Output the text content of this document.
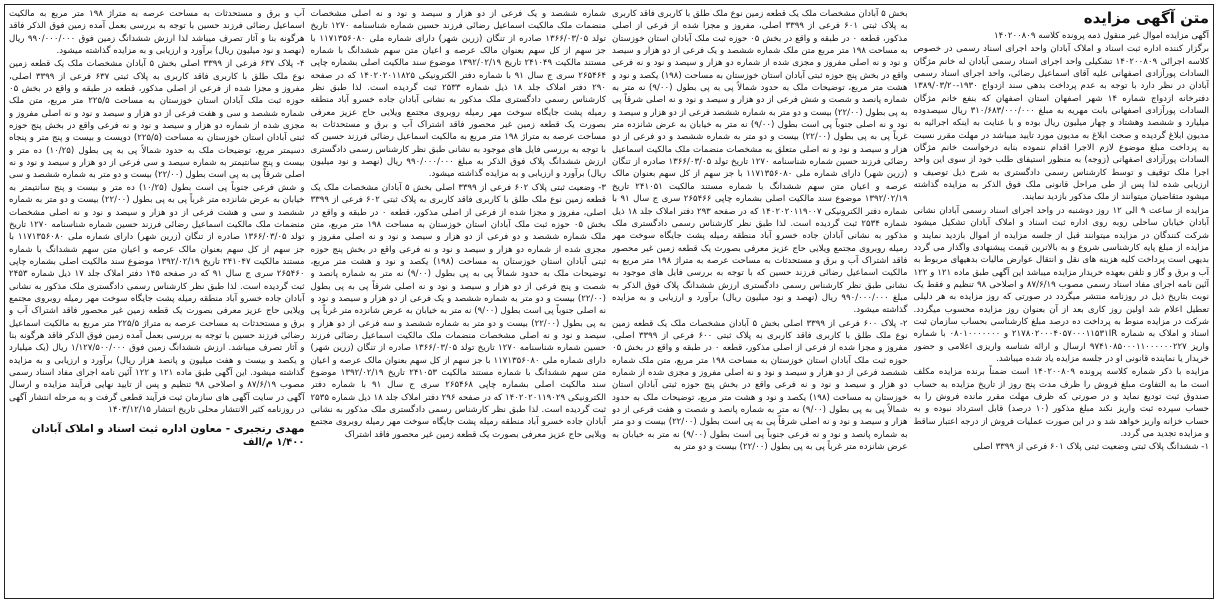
متن آگهی مزایده

آگهی مزایده اموال غیر منقول ذمه پرونده کلاسه ۱۴۰۲۰۰۸۰۹

برگزار کننده اداره ثبت اسناد و املاک آبادان واحد اجرای اسناد رسمی در خصوص کلاسه اجرائی ۱۴۰۲۰۰۸۰۹ تشکیلی واحد اجرای اسناد رسمی آبادان له خانم مژگان السادات پورآزادی اصفهانی علیه آقای اسماعیل رضائی، واحد اجرای اسناد رسمی آبادان در نظر دارد با توجه به عدم پرداخت بدهی سند ازدواج ۱۹۳۰-۱۳۸۹/۰۳/۲۰ دفترخانه ازدواج شماره ۱۴ شهر اصفهان استان اصفهان که بنفع خانم مژگان السادات پورآزادی اصفهانی بابت مهریه به مبلغ ۳۱۰/۶۸۳/۰۰۰/۰۰۰ ریال سیصدوده میلیارد و ششصد وهشتاد و چهار میلیون ریال بوده و با عنایت به اینکه اجرائیه به مدیون ابلاغ گردیده و صحت ابلاغ به مدیون مورد تایید میباشد در مهلت مقرر نسبت به پرداخت مبلغ موضوع لازم الاجرا اقدام ننموده بنابه درخواست خانم مژگان السادات پورآزادی اصفهانی (زوجه) به منظور استیفای طلب خود از سوی این واحد اجرا ملک توقیف و توسط کارشناس رسمی دادگستری به شرح ذیل توصیف و ارزیابی شده لذا پس از طی مراحل قانونی ملک فوق الذکر به مزایده گذاشته میشود متقاضیان میتوانند از ملک مذکور بازدید نمایند.

مزایده از ساعت ۹ الی ۱۲ روز دوشنبه در واحد اجرای اسناد رسمی آبادان نشانی آبادان خیابان ساحلی روبه روی اداره ثبت اسناد و املاک آبادان تشکیل میشود شرکت کنندگان در مزایده میتوانند قبل از جلسه مزایده از اموال بازدید نمایند و مزایده از مبلغ پایه کارشناسی شروع و به بالاترین قیمت پیشنهادی واگذار می گردد بدیهی است پرداخت کلیه هزینه های نقل و انتقال عوارض مالیات بدهیهای مربوط به آب و برق و گاز و تلفن بعهده خریدار مزایده میباشد این آگهی طبق ماده ۱۲۱ و ۱۲۲ آئین نامه اجرای مفاد اسناد رسمی مصوب ۸۷/۶/۱۹ و اصلاحی ۹۸ تنظیم و فقط یک نوبت بتاریخ ذیل در روزنامه منتشر میگردد در صورتی که روز مزایده به هر دلیلی تعطیل اعلام شد اولین روز کاری بعد از آن بعنوان روز مزایده محسوب میگردد. شرکت در مزایده منوط به پرداخت ده درصد مبلغ کارشناسی بحساب سازمان ثبت اسناد و املاک به شماره ۲۱۷۸۰۲۰۰۰۴۰۵۷۰۰۰۱۱۵۳۱IR و ۰۸۰۱۰۰۰۰۰۰۰ با شماره واریز ۹۷۴۱۰۸۵۰۰۰۱۱۰۰۰۰۰۰۲۲۷ ارسال و ارائه شناسه واریزی اعلامی و حضور خریدار یا نماینده قانونی او در جلسه مزایده یاد شده میباشد.

مزایده با ذکر شماره کلاسه پرونده ۱۴۰۲۰۰۸۰۹ است ضمناً برنده مزایده مکلف است ما به التفاوت مبلغ فروش را ظرف مدت پنج روز از تاریخ مزایده به حساب صندوق ثبت تودیع نماید و در صورتی که ظرف مهلت مقرر مانده فروش را به حساب سپرده ثبت واریز نکند مبلغ مذکور (۱۰ درصد) قابل استرداد نبوده و به حساب خزانه واریز خواهد شد و در این صورت عملیات فروش از درجه اعتبار ساقط و مزایده تجدید می گردد.

۱- ششدانگ پلاک ثبتی وضعیت ثبتی پلاک ۶۰۱ فرعی از ۳۳۹۹ اصلی

بخش ۵ آبادان مشخصات ملک یک قطعه زمین نوع ملک طلق با کاربری فاقد کاربری به پلاک ثبتی ۶۰۱ فرعی از ۳۳۹۹ اصلی، مفروز و مجزا شده از فرعی از اصلی مذکور، قطعه ۰ در طبقه و واقع در بخش ۰۵ حوزه ثبت ملک آبادان استان خوزستان به مساحت ۱۹۸ متر مربع متن ملک شماره ششصد و یک فرعی از دو هزار و سیصد و نود و نه اصلی مفروز و مجزی شده از شماره دو هزار و سیصد و نود و نه فرعی واقع در بخش پنج حوزه ثبتی آبادان استان خوزستان به مساحت (۱۹۸) یکصد و نود و هشت متر مربع، توضیحات ملک به حدود شمالاً پی به پی بطول (۹/۰۰) نه متر به شماره پانصد و شصت و شش فرعی از دو هزار و سیصد و نود و نه اصلی شرقاً پی به پی بطول (۲۲/۰۰) بیست و دو متر به شماره ششصد فرعی از دو هزار و سیصد و نود و نه اصلی جنوباً پی است بطول (۹/۰۰) نه متر به خیابان به عرض شانزده متر غرباً پی به پی بطول (۲۲/۰۰) بیست و دو متر به شماره ششصد و دو فرعی از دو هزار و سیصد و نود و نه اصلی متعلق به مشخصات منضمات ملک مالکیت اسماعیل رضائی فرزند حسین شماره شناسنامه ۱۲۷۰ تاریخ تولد ۱۳۶۶/۰۳/۰۵ صادره از تنگان (زرین شهر) دارای شماره ملی ۱۱۷۱۳۵۶۰۸۰ با جز سهم از کل سهم بعنوان مالک عرصه و اعیان متن سهم ششدانگ با شماره مستند مالکیت ۲۴۱۰۵۱ تاریخ ۱۳۹۲/۰۲/۱۹ موضوع سند مالکیت اصلی بشماره چاپی ۲۶۵۴۶۶ سری ج سال ۹۱ با شماره دفتر الکترونیکی ۱۴۰۲۰۲۰۱۱۹۰۰۷ که در صفحه ۲۹۳ دفتر املاک جلد ۱۸ ذیل شماره ۲۵۳۴ ثبت گردیده است. لذا طبق نظر کارشناس رسمی دادگستری ملک مذکور به نشانی آبادان جاده خسرو آباد منطقه رمیله پشت جایگاه سوخت مهر رمیله روبروی مجتمع ویلایی حاج عزیز معرفی بصورت یک قطعه زمین غیر محصور فاقد اشتراک آب و برق و مستحدثات به مساحت عرصه به متراژ ۱۹۸ متر مربع به مالکیت اسماعیل رضائی فرزند حسین که با توجه به بررسی فایل های موجود به نشانی طبق نظر کارشناس رسمی دادگستری ارزش ششدانگ پلاک فوق الذکر به مبلغ ۹۹۰/۰۰۰/۰۰۰ ریال (نهصد و نود میلیون ریال) برآورد و ارزیابی و به مزایده گذاشته میشود.

۲- پلاک ۶۰۰ فرعی از ۳۳۹۹ اصلی بخش ۵ آبادان مشخصات ملک یک قطعه زمین نوع ملک طلق با کاربری فاقد کاربری به پلاک ثبتی ۶۰۰ فرعی از ۳۳۹۹ اصلی، مفروز و مجزا شده از فرعی از اصلی مذکور، قطعه ۰ در طبقه و واقع در بخش ۰۵ حوزه ثبت ملک آبادان استان خوزستان به مساحت ۱۹۸ متر مربع، متن ملک شماره ششصد فرعی از دو هزار و سیصد و نود و نه اصلی مفروز و مجزی شده از شماره دو هزار و سیصد و نود و نه فرعی واقع در بخش پنج حوزه ثبتی آبادان استان خوزستان به مساحت (۱۹۸) یکصد و نود و هشت متر مربع، توضیحات ملک به حدود شمالاً پی به پی بطول (۹/۰۰) نه متر به شماره پانصد و شصت و هفت فرعی از دو هزار و سیصد و نود و نه اصلی شرقاً پی به پی است بطول (۲۲/۰۰) بیست و دو متر به شماره پانصد و نود و نه فرعی جنوباً پی است بطول (۹/۰۰) نه متر به خیابان به عرض شانزده متر غرباً پی به پی بطول (۲۲/۰۰) بیست و دو متر به

شماره ششصد و یک فرعی از دو هزار و سیصد و نود و نه اصلی مشخصات منضمات ملک مالکیت اسماعیل رضائی فرزند حسین شماره شناسنامه ۱۲۷۰ تاریخ تولد ۱۳۶۶/۰۳/۰۵ صادره از تنگان (زرین شهر) دارای شماره ملی ۱۱۷۱۳۵۶۰۸۰ با جز سهم از کل سهم بعنوان مالک عرصه و اعیان متن سهم ششدانگ با شماره مستند مالکیت ۲۴۱۰۴۹ تاریخ ۱۳۹۲/۰۲/۱۹ موضوع سند مالکیت اصلی بشماره چاپی ۲۶۵۴۶۴ سری ج سال ۹۱ با شماره دفتر الکترونیکی ۱۴۰۲۰۲۰۱۱۸۲۵ که در صفحه ۲۹۰ دفتر املاک جلد ۱۸ ذیل شماره ۲۵۳۳ ثبت گردیده است. لذا طبق نظر کارشناس رسمی دادگستری ملک مذکور به نشانی آبادان جاده خسرو آباد منطقه رمیله پشت جایگاه سوخت مهر رمیله روبروی مجتمع ویلایی حاج عزیز معرفی بصورت یک قطعه زمین غیر محصور فاقد اشتراک آب و برق و مستحدثات به مساحت عرصه به متراژ ۱۹۸ متر مربع به مالکیت اسماعیل رضائی فرزند حسین که با توجه به بررسی فایل های موجود به نشانی طبق نظر کارشناس رسمی دادگستری ارزش ششدانگ پلاک فوق الذکر به مبلغ ۹۹۰/۰۰۰/۰۰۰ ریال (نهصد و نود میلیون ریال) برآورد و ارزیابی و به مزایده گذاشته میشود.

۳- وضعیت ثبتی پلاک ۶۰۲ فرعی از ۳۳۹۹ اصلی بخش ۵ آبادان مشخصات ملک یک قطعه زمین نوع ملک طلق با کاربری فاقد کاربری به پلاک ثبتی ۶۰۲ فرعی از ۳۳۹۹ اصلی، مفروز و مجزا شده از فرعی از اصلی مذکور، قطعه ۰ در طبقه و واقع در بخش ۰۵ حوزه ثبت ملک آبادان استان خوزستان به مساحت ۱۹۸ متر مربع، متن ملک شماره ششصد و دو فرعی از دو هزار و سیصد و نود و نه اصلی مفروز و مجزی شده از شماره دو هزار و سیصد و نود و نه فرعی واقع در بخش پنج حوزه ثبتی آبادان استان خوزستان به مساحت (۱۹۸) یکصد و نود و هشت متر مربع، توضیحات ملک به حدود شمالاً پی به پی بطول (۹/۰۰) نه متر به شماره پانصد و شصت و پنج فرعی از دو هزار و سیصد و نود و نه اصلی شرقاً پی به پی بطول (۲۲/۰۰) بیست و دو متر به شماره ششصد و یک فرعی از دو هزار و سیصد و نود و نه اصلی جنوباً پی است بطول (۹/۰۰) نه متر به خیابان به عرض شانزده متر غرباً پی به پی بطول (۲۲/۰۰) بیست و دو متر به شماره ششصد و سه فرعی از دو هزار و سیصد و نود و نه اصلی مشخصات منضمات ملک مالکیت اسماعیل رضائی فرزند حسین شماره شناسنامه ۱۲۷۰ تاریخ تولد ۱۳۶۶/۰۳/۰۵ صادره از تنگان (زرین شهر) دارای شماره ملی ۱۱۷۱۳۵۶۰۸۰ با جز سهم از کل سهم بعنوان مالک عرصه و اعیان متن سهم ششدانگ با شماره مستند مالکیت ۲۴۱۰۵۳ تاریخ ۱۳۹۲/۰۲/۱۹ موضوع سند مالکیت اصلی بشماره چاپی ۲۶۵۴۶۸ سری ج سال ۹۱ با شماره دفتر الکترونیکی ۱۴۰۲۰۲۰۱۱۹۰۲۹ که در صفحه ۲۹۶ دفتر املاک جلد ۱۸ ذیل شماره ۲۵۳۵ ثبت گردیده است. لذا طبق نظر کارشناس رسمی دادگستری ملک مذکور به نشانی آبادان جاده خسرو آباد منطقه رمیله پشت جایگاه سوخت مهر رمیله روبروی مجتمع ویلایی حاج عزیز معرفی بصورت یک قطعه زمین غیر محصور فاقد اشتراک

آب و برق و مستحدثات به مساحت عرصه به متراژ ۱۹۸ متر مربع به مالکیت اسماعیل رضائی فرزند حسین با توجه به بررسی بعمل آمده زمین فوق الذکر فاقد هرگونه بنا و آثار تصرف میباشد لذا ارزش ششدانگ زمین فوق ۹۹۰/۰۰۰/۰۰۰ ریال (نهصد و نود میلیون ریال) برآورد و ارزیابی و به مزایده گذاشته میشود.

۴- پلاک ۶۳۷ فرعی از ۳۳۹۹ اصلی بخش ۵ آبادان مشخصات ملک یک قطعه زمین نوع ملک طلق با کاربری فاقد کاربری به پلاک ثبتی ۶۳۷ فرعی از ۳۳۹۹ اصلی، مفروز و مجزا شده از فرعی از اصلی مذکور، قطعه در طبقه و واقع در بخش ۰۵ حوزه ثبت ملک آبادان استان خوزستان به مساحت ۲۲۵/۵ متر مربع، متن ملک شماره ششصد و سی و هفت فرعی از دو هزار و سیصد و نود و نه اصلی مفروز و مجزی شده از شماره دو هزار و سیصد و نود و نه فرعی واقع در بخش پنج حوزه ثبتی آبادان استان خوزستان به مساحت (۲۲۵/۵) دویست و بیست و پنج متر و پنجاه دسیمتر مربع، توضیحات ملک به حدود شمالاً پی به پی بطول (۱۰/۲۵) ده متر و بیست و پنج سانتیمتر به شماره سیصد و سی فرعی از دو هزار و سیصد و نود و نه اصلی شرقاً پی به پی است بطول (۲۲/۰۰) بیست و دو متر به شماره ششصد و سی و شش فرعی جنوباً پی است بطول (۱۰/۲۵) ده متر و بیست و پنج سانتیمتر به خیابان به عرض شانزده متر غرباً پی به پی بطول (۲۲/۰۰) بیست و دو متر به شماره ششصد و سی و هشت فرعی از دو هزار و سیصد و نود و نه اصلی مشخصات منضمات ملک مالکیت اسماعیل رضائی فرزند حسین شماره شناسنامه ۱۲۷۰ تاریخ تولد ۱۳۶۶/۰۳/۰۵ صادره از تنگان (زرین شهر) دارای شماره ملی ۱۱۷۱۳۵۶۰۸۰ با جز سهم از کل سهم بعنوان مالک عرصه و اعیان متن سهم ششدانگ با شماره مستند مالکیت ۲۴۱۰۴۷ تاریخ ۱۳۹۲/۰۲/۱۹ موضوع سند مالکیت اصلی بشماره چاپی ۲۶۵۴۶۰ سری ج سال ۹۱ که در صفحه ۱۴۵ دفتر املاک جلد ۱۷ ذیل شماره ۲۴۵۳ ثبت گردیده است. لذا طبق نظر کارشناس رسمی دادگستری ملک مذکور به نشانی آبادان جاده خسرو آباد منطقه رمیله پشت جایگاه سوخت مهر رمیله روبروی مجتمع ویلایی حاج عزیز معرفی بصورت یک قطعه زمین غیر محصور فاقد اشتراک آب و برق و مستحدثات به مساحت عرصه به متراژ ۲۲۵/۵ متر مربع به مالکیت اسماعیل رضائی فرزند حسین با توجه به بررسی بعمل آمده زمین فوق الذکر فاقد هرگونه بنا و آثار تصرف میباشد. ارزش ششدانگ زمین فوق ۱/۱۲۷/۵۰۰/۰۰۰ ریال (یک میلیارد و یکصد و بیست و هفت میلیون و پانصد هزار ریال) برآورد و ارزیابی و به مزایده گذاشته میشود. این آگهی طبق ماده ۱۲۱ و ۱۲۲ آئین نامه اجرای مفاد اسناد رسمی مصوب ۸۷/۶/۱۹ و اصلاحی ۹۸ تنظیم و پس از تایید نهایی فرآیند مزایده و ارسال آگهی در سایت آگهی های سازمان ثبت فرآیند قطعی گرفت و به مرحله انتشار آگهی در روزنامه کثیر الانتشار محلی تاریخ انتشار ۱۴۰۳/۱۲/۱۵

مهدی رنجبری - معاون اداره ثبت اسناد و املاک آبادان
۱/۴۰۰ م/الف
